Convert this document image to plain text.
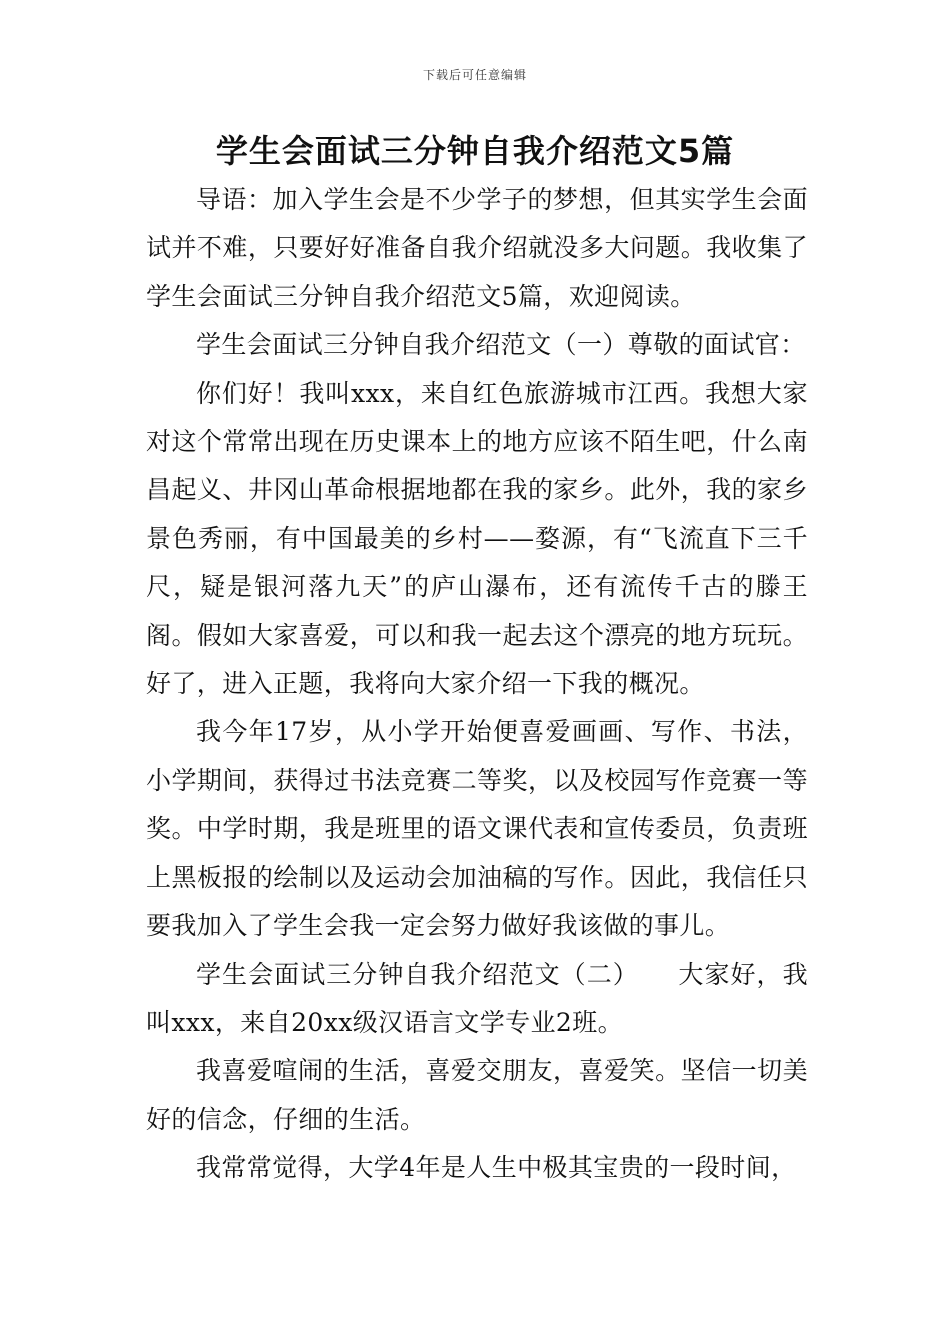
下载后可任意编辑
学生会面试三分钟自我介绍范文5篇

导语：加入学生会是不少学子的梦想，但其实学生会面试并不难，只要好好准备自我介绍就没多大问题。我收集了学生会面试三分钟自我介绍范文5篇，欢迎阅读。

学生会面试三分钟自我介绍范文（一）尊敬的面试官：

你们好！我叫xxx，来自红色旅游城市江西。我想大家对这个常常出现在历史课本上的地方应该不陌生吧，什么南昌起义、井冈山革命根据地都在我的家乡。此外，我的家乡景色秀丽，有中国最美的乡村——婺源，有“飞流直下三千尺，疑是银河落九天”的庐山瀑布，还有流传千古的滕王阁。假如大家喜爱，可以和我一起去这个漂亮的地方玩玩。好了，进入正题，我将向大家介绍一下我的概况。

我今年17岁，从小学开始便喜爱画画、写作、书法，小学期间，获得过书法竞赛二等奖，以及校园写作竞赛一等奖。中学时期，我是班里的语文课代表和宣传委员，负责班上黑板报的绘制以及运动会加油稿的写作。因此，我信任只要我加入了学生会我一定会努力做好我该做的事儿。

学生会面试三分钟自我介绍范文（二）　　大家好，我叫xxx，来自20xx级汉语言文学专业2班。

我喜爱喧闹的生活，喜爱交朋友，喜爱笑。坚信一切美好的信念，仔细的生活。

我常常觉得，大学4年是人生中极其宝贵的一段时间，
